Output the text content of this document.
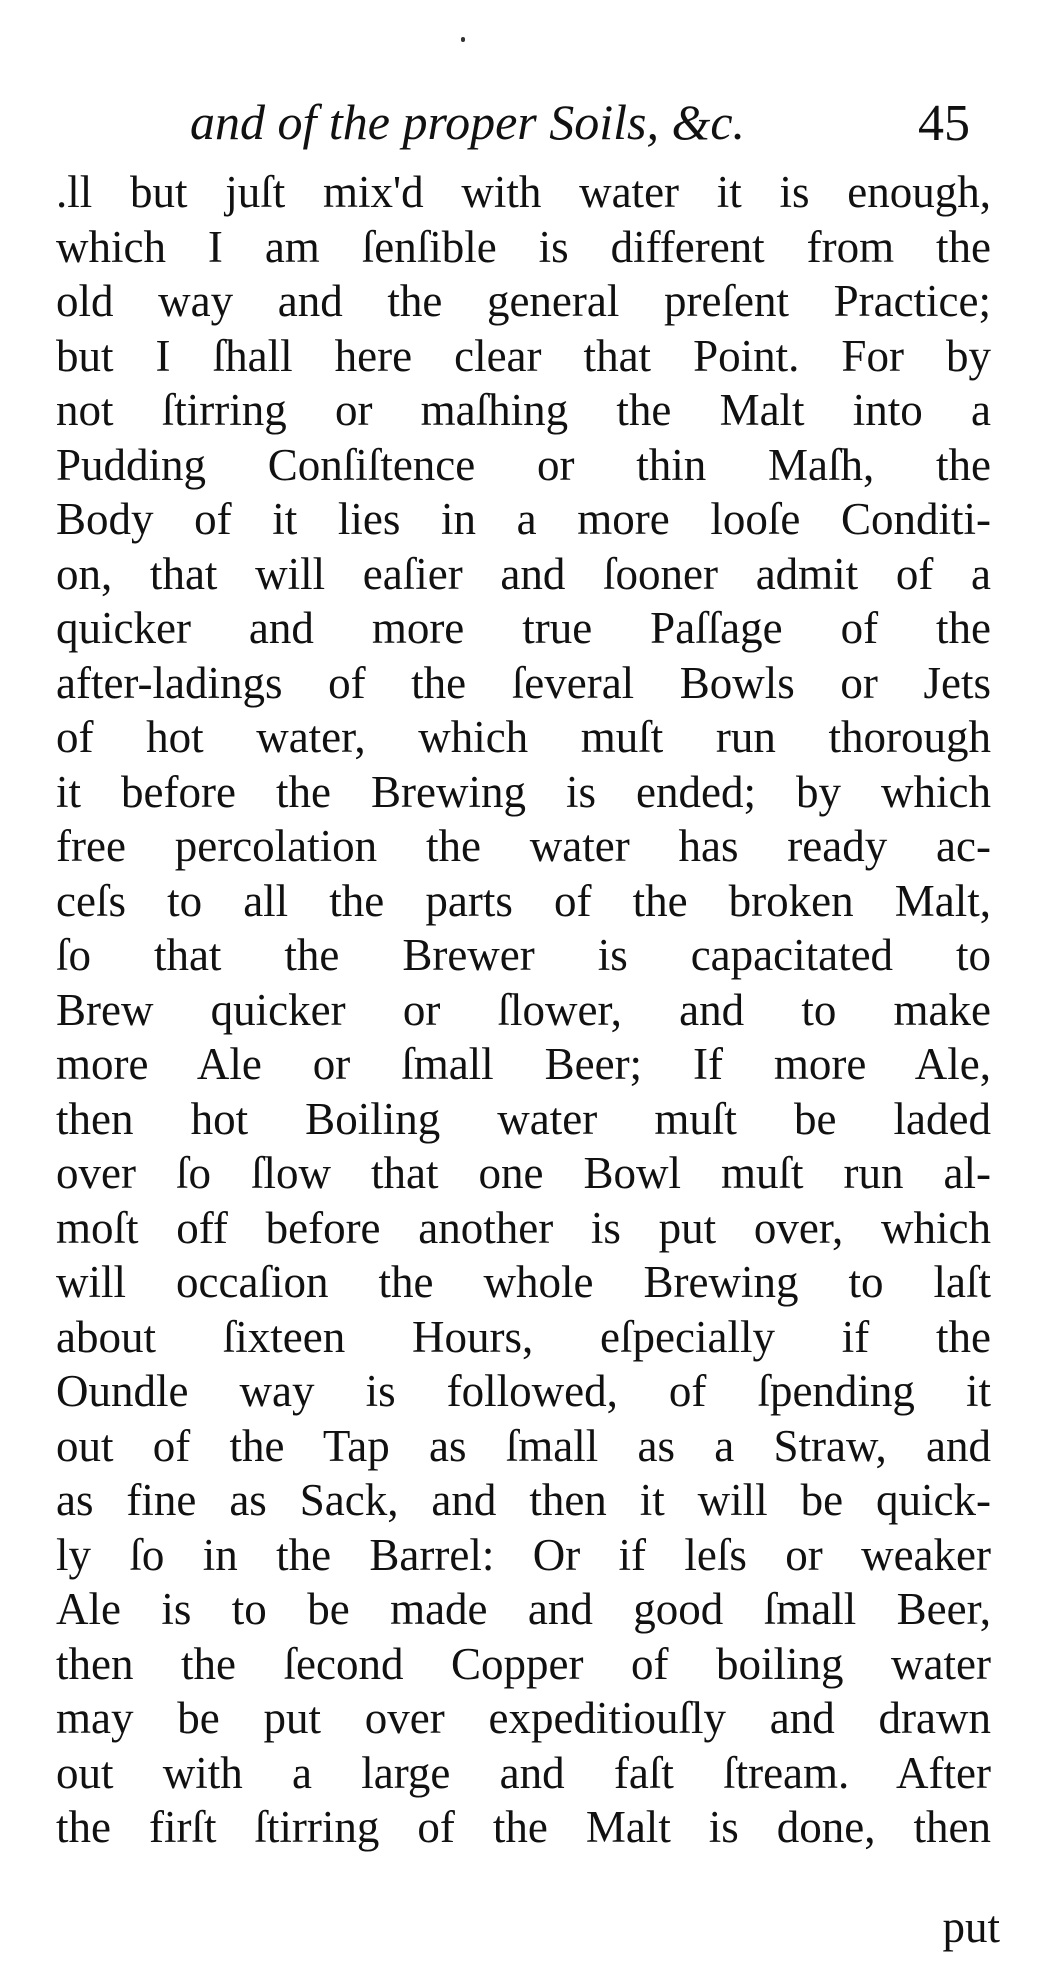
and of the proper Soils, &c.	45
.ll but juſt mix'd with water it is enough,
which I am ſenſible is different from the
old way and the general preſent Practice;
but I ſhall here clear that Point. For by
not ſtirring or maſhing the Malt into a
Pudding Conſiſtence or thin Maſh, the
Body of it lies in a more looſe Conditi-
on, that will eaſier and ſooner admit of a
quicker and more true Paſſage of the
after-ladings of the ſeveral Bowls or Jets
of hot water, which muſt run thorough
it before the Brewing is ended; by which
free percolation the water has ready ac-
ceſs to all the parts of the broken Malt,
ſo that the Brewer is capacitated to
Brew quicker or ſlower, and to make
more Ale or ſmall Beer; If more Ale,
then hot Boiling water muſt be laded
over ſo ſlow that one Bowl muſt run al-
moſt off before another is put over, which
will occaſion the whole Brewing to laſt
about ſixteen Hours, eſpecially if the
Oundle way is followed, of ſpending it
out of the Tap as ſmall as a Straw, and
as fine as Sack, and then it will be quick-
ly ſo in the Barrel: Or if leſs or weaker
Ale is to be made and good ſmall Beer,
then the ſecond Copper of boiling water
may be put over expeditiouſly and drawn
out with a large and faſt ſtream. After
the firſt ſtirring of the Malt is done, then
put
